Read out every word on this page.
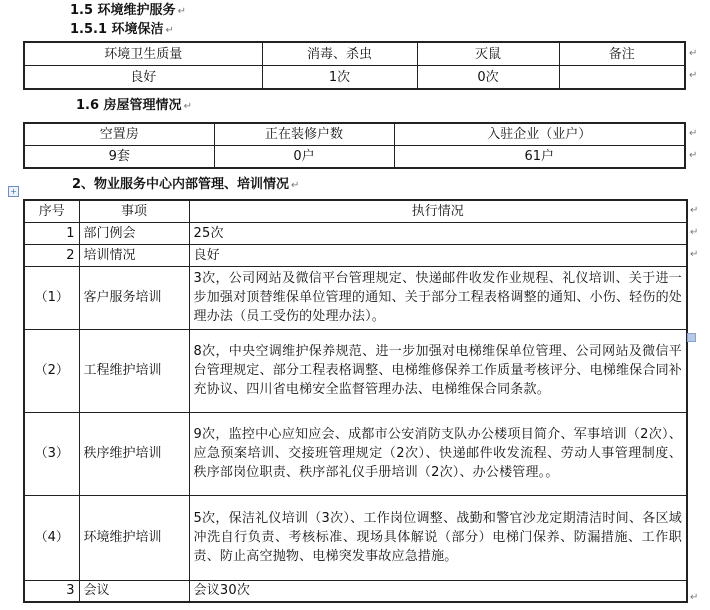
1.5 环境维护服务 ↵
1.5.1 环境保洁 ↵
环境卫生质量	消毒、杀虫	灭鼠	备注
良好	1次	0次	
1.6 房屋管理情况 ↵
空置房	正在装修户数	入驻企业（业户）
9套	0户	61户
+	2、物业服务中心内部管理、培训情况 ↵
序号	事项	执行情况
1	部门例会	25次
2	培训情况	良好
（1）	客户服务培训	3次，公司网站及微信平台管理规定、快递邮件收发作业规程、礼仪培训、关于进一步加强对顶替维保单位管理的通知、关于部分工程表格调整的通知、小伤、轻伤的处理办法（员工受伤的处理办法）。
（2）	工程维护培训	8次，中央空调维护保养规范、进一步加强对电梯维保单位管理、公司网站及微信平台管理规定、部分工程表格调整、电梯维修保养工作质量考核评分、电梯维保合同补充协议、四川省电梯安全监督管理办法、电梯维保合同条款。
（3）	秩序维护培训	9次，监控中心应知应会、成都市公安消防支队办公楼项目简介、军事培训（2次）、应急预案培训、交接班管理规定（2次）、快递邮件收发流程、劳动人事管理制度、秩序部岗位职责、秩序部礼仪手册培训（2次）、办公楼管理。。
（4）	环境维护培训	5次，保洁礼仪培训（3次）、工作岗位调整、战勤和警官沙龙定期清洁时间、各区域冲洗自行负责、考核标准、现场具体解说（部分）电梯门保养、防漏措施、工作职责、防止高空抛物、电梯突发事故应急措施。
3	会议	会议30次
↵
↵
↵
↵
↵
↵
↵
↵
